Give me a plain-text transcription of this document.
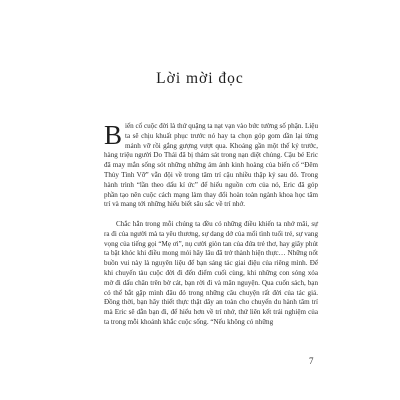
Lời mời đọc

Biến cố cuộc đời là thứ quặng ta nạt vạn vào bức tường số phận. Liệu ta sẽ chịu khuất phục trước nó hay ta chọn góp gom dần lại từng mảnh vỡ rồi gắng gượng vượt qua. Khoảng gần một thế kỷ trước, hàng triệu người Do Thái đã bị thảm sát trong nạn diệt chủng. Cậu bé Eric đã may mắn sống sót những những ám ảnh kinh hoàng của biến cố “Đêm Thủy Tinh Vỡ” vẫn đội về trong tâm trí cậu nhiều thập kỷ sau đó. Trong hành trình “lần theo dấu kí ức” để hiểu nguồn cơn của nó, Eric đã góp phần tạo nên cuộc cách mạng làm thay đổi hoàn toàn ngành khoa học tâm trí và mang tới những hiểu biết sâu sắc về trí nhớ.

Chắc hẳn trong mỗi chúng ta đều có những điều khiến ta nhớ mãi, sự ra đi của người mà ta yêu thương, sự dang dở của mối tình tuổi trẻ, sự vang vọng của tiếng gọi “Mẹ ơi”, nụ cười giòn tan của đứa trẻ thơ, hay giây phút ta bật khóc khi điều mong mỏi hãy lâu đã trở thành hiện thực… Những nốt buồn vui này là nguyên liệu để bạn sáng tác giai điệu của riêng mình. Để khi chuyến tàu cuộc đời đi đến điểm cuối cùng, khi những con sóng xóa mờ đi dấu chân trên bờ cát, bạn rời đi và mãn nguyện. Qua cuốn sách, bạn có thể bắt gặp mình đâu đó trong những câu chuyện rất đời của tác giả. Đồng thời, bạn hãy thiết thực thật dãy an toàn cho chuyến du hành tâm trí mà Eric sẽ dẫn bạn đi, để hiểu hơn về trí nhớ, thứ liên kết trải nghiệm của ta trong mỗi khoảnh khắc cuộc sống. “Nếu không có những

7
